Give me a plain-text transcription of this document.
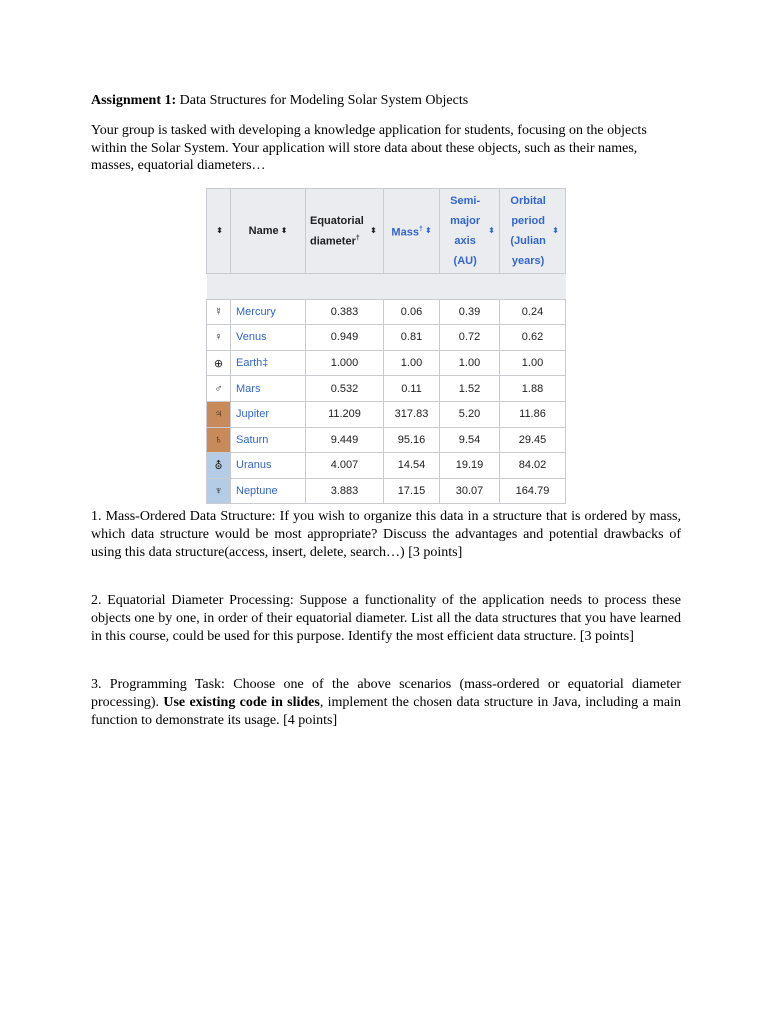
Assignment 1: Data Structures for Modeling Solar System Objects
Your group is tasked with developing a knowledge application for students, focusing on the objects within the Solar System. Your application will store data about these objects, such as their names, masses, equatorial diameters…
1. Mass-Ordered Data Structure: If you wish to organize this data in a structure that is ordered by mass, which data structure would be most appropriate? Discuss the advantages and potential drawbacks of using this data structure(access, insert, delete, search…) [3 points]
2. Equatorial Diameter Processing: Suppose a functionality of the application needs to process these objects one by one, in order of their equatorial diameter. List all the data structures that you have learned in this course, could be used for this purpose. Identify the most efficient data structure. [3 points]
3. Programming Task: Choose one of the above scenarios (mass-ordered or equatorial diameter processing). Use existing code in slides, implement the chosen data structure in Java, including a main function to demonstrate its usage. [4 points]
⬍	Name ⬍	Equatorial diameter†⬍	Mass† ⬍	Semi-major axis (AU)⬍	Orbital period (Julian years)⬍

☿	Mercury	0.383	0.06	0.39	0.24
♀	Venus	0.949	0.81	0.72	0.62
⊕	Earth‡	1.000	1.00	1.00	1.00
♂	Mars	0.532	0.11	1.52	1.88
♃	Jupiter	11.209	317.83	5.20	11.86
♄	Saturn	9.449	95.16	9.54	29.45
⛢	Uranus	4.007	14.54	19.19	84.02
♆	Neptune	3.883	17.15	30.07	164.79
